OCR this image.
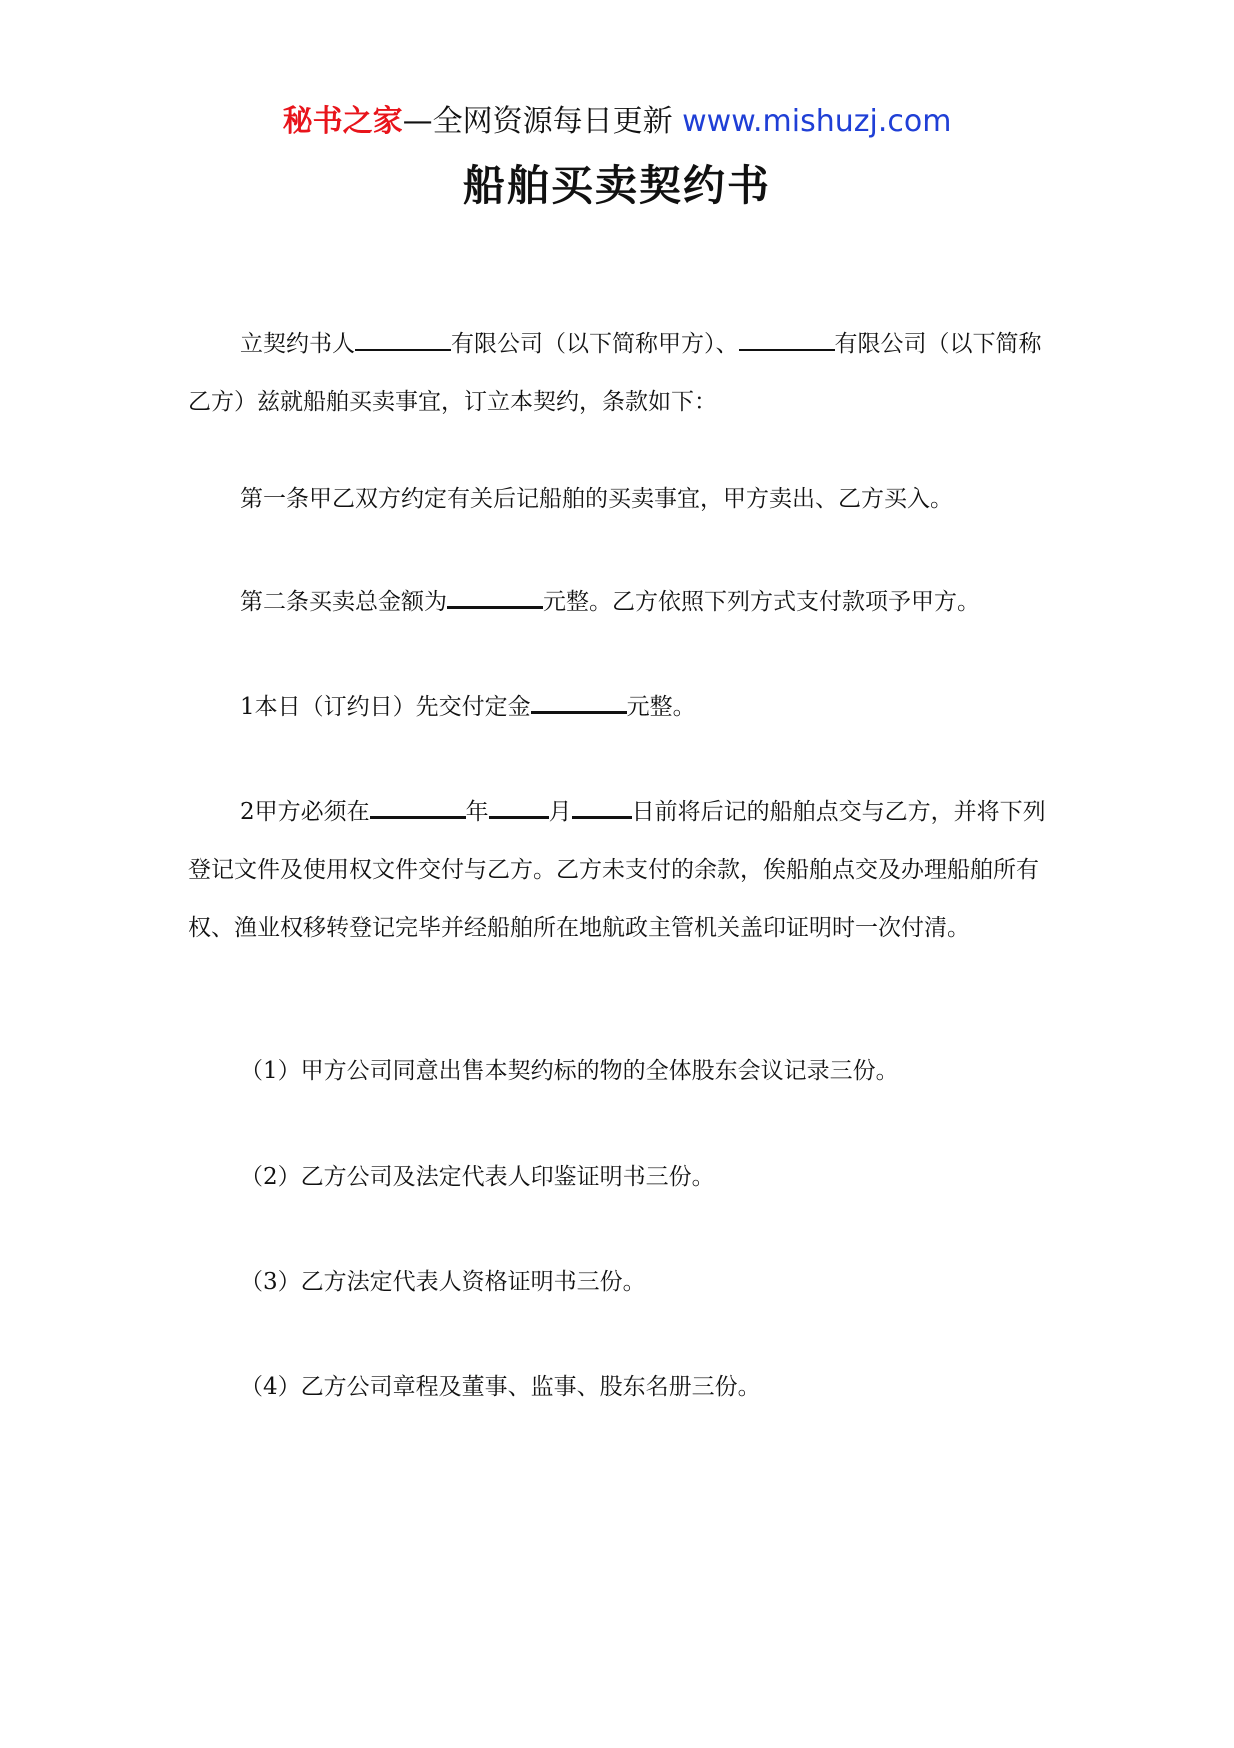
秘书之家—全网资源每日更新 www.mishuzj.com
船舶买卖契约书

立契约书人	有限公司（以下简称甲方）、	有限公司（以下简称乙方）兹就船舶买卖事宜，订立本契约，条款如下：

第一条甲乙双方约定有关后记船舶的买卖事宜，甲方卖出、乙方买入。

第二条买卖总金额为	元整。乙方依照下列方式支付款项予甲方。

1本日（订约日）先交付定金	元整。

2甲方必须在	年	月	日前将后记的船舶点交与乙方，并将下列登记文件及使用权文件交付与乙方。乙方未支付的余款，俟船舶点交及办理船舶所有权、渔业权移转登记完毕并经船舶所在地航政主管机关盖印证明时一次付清。

（1）甲方公司同意出售本契约标的物的全体股东会议记录三份。

（2）乙方公司及法定代表人印鉴证明书三份。

（3）乙方法定代表人资格证明书三份。

（4）乙方公司章程及董事、监事、股东名册三份。
